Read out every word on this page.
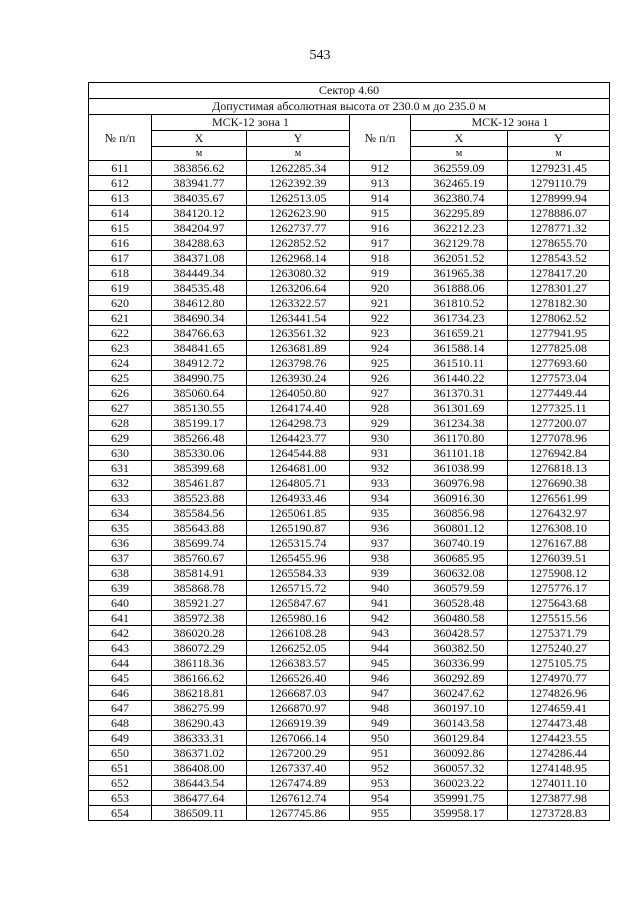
543
Сектор 4.60					
Допустимая абсолютная высота от 230.0 м до 235.0 м					
№ п/п	МСК-12 зона 1		№ п/п	МСК-12 зона 1	
	X	Y		X	Y
	м	м		м	м
611	383856.62	1262285.34	912	362559.09	1279231.45
612	383941.77	1262392.39	913	362465.19	1279110.79
613	384035.67	1262513.05	914	362380.74	1278999.94
614	384120.12	1262623.90	915	362295.89	1278886.07
615	384204.97	1262737.77	916	362212.23	1278771.32
616	384288.63	1262852.52	917	362129.78	1278655.70
617	384371.08	1262968.14	918	362051.52	1278543.52
618	384449.34	1263080.32	919	361965.38	1278417.20
619	384535.48	1263206.64	920	361888.06	1278301.27
620	384612.80	1263322.57	921	361810.52	1278182.30
621	384690.34	1263441.54	922	361734.23	1278062.52
622	384766.63	1263561.32	923	361659.21	1277941.95
623	384841.65	1263681.89	924	361588.14	1277825.08
624	384912.72	1263798.76	925	361510.11	1277693.60
625	384990.75	1263930.24	926	361440.22	1277573.04
626	385060.64	1264050.80	927	361370.31	1277449.44
627	385130.55	1264174.40	928	361301.69	1277325.11
628	385199.17	1264298.73	929	361234.38	1277200.07
629	385266.48	1264423.77	930	361170.80	1277078.96
630	385330.06	1264544.88	931	361101.18	1276942.84
631	385399.68	1264681.00	932	361038.99	1276818.13
632	385461.87	1264805.71	933	360976.98	1276690.38
633	385523.88	1264933.46	934	360916.30	1276561.99
634	385584.56	1265061.85	935	360856.98	1276432.97
635	385643.88	1265190.87	936	360801.12	1276308.10
636	385699.74	1265315.74	937	360740.19	1276167.88
637	385760.67	1265455.96	938	360685.95	1276039.51
638	385814.91	1265584.33	939	360632.08	1275908.12
639	385868.78	1265715.72	940	360579.59	1275776.17
640	385921.27	1265847.67	941	360528.48	1275643.68
641	385972.38	1265980.16	942	360480.58	1275515.56
642	386020.28	1266108.28	943	360428.57	1275371.79
643	386072.29	1266252.05	944	360382.50	1275240.27
644	386118.36	1266383.57	945	360336.99	1275105.75
645	386166.62	1266526.40	946	360292.89	1274970.77
646	386218.81	1266687.03	947	360247.62	1274826.96
647	386275.99	1266870.97	948	360197.10	1274659.41
648	386290.43	1266919.39	949	360143.58	1274473.48
649	386333.31	1267066.14	950	360129.84	1274423.55
650	386371.02	1267200.29	951	360092.86	1274286.44
651	386408.00	1267337.40	952	360057.32	1274148.95
652	386443.54	1267474.89	953	360023.22	1274011.10
653	386477.64	1267612.74	954	359991.75	1273877.98
654	386509.11	1267745.86	955	359958.17	1273728.83
